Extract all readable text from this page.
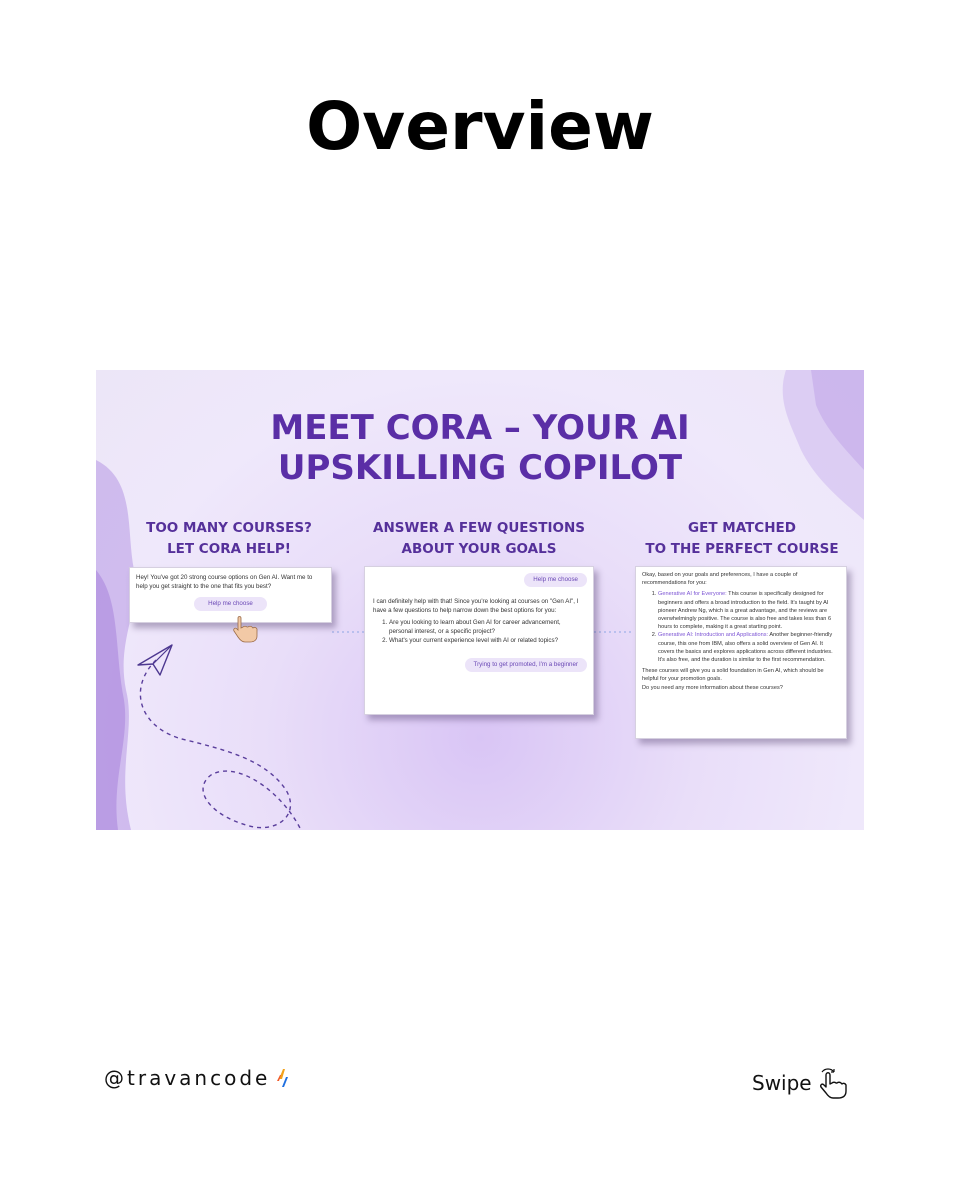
Overview
MEET CORA – YOUR AI
UPSKILLING COPILOT
TOO MANY COURSES?
LET CORA HELP!
ANSWER A FEW QUESTIONS
ABOUT YOUR GOALS
GET MATCHED
TO THE PERFECT COURSE
Hey! You've got 20 strong course options on Gen AI. Want me to help you get straight to the one that fits you best?
Help me choose
Help me choose
I can definitely help with that! Since you're looking at courses on "Gen AI", I have a few questions to help narrow down the best options for you:
1. Are you looking to learn about Gen AI for career advancement, personal interest, or a specific project?
2. What's your current experience level with AI or related topics?
Trying to get promoted, I'm a beginner
Okay, based on your goals and preferences, I have a couple of recommendations for you:
1. Generative AI for Everyone: This course is specifically designed for beginners and offers a broad introduction to the field. It's taught by AI pioneer Andrew Ng, which is a great advantage, and the reviews are overwhelmingly positive. The course is also free and takes less than 6 hours to complete, making it a great starting point.
2. Generative AI: Introduction and Applications: Another beginner-friendly course, this one from IBM, also offers a solid overview of Gen AI. It covers the basics and explores applications across different industries. It's also free, and the duration is similar to the first recommendation.
These courses will give you a solid foundation in Gen AI, which should be helpful for your promotion goals.
Do you need any more information about these courses?
@travancode	Swipe
